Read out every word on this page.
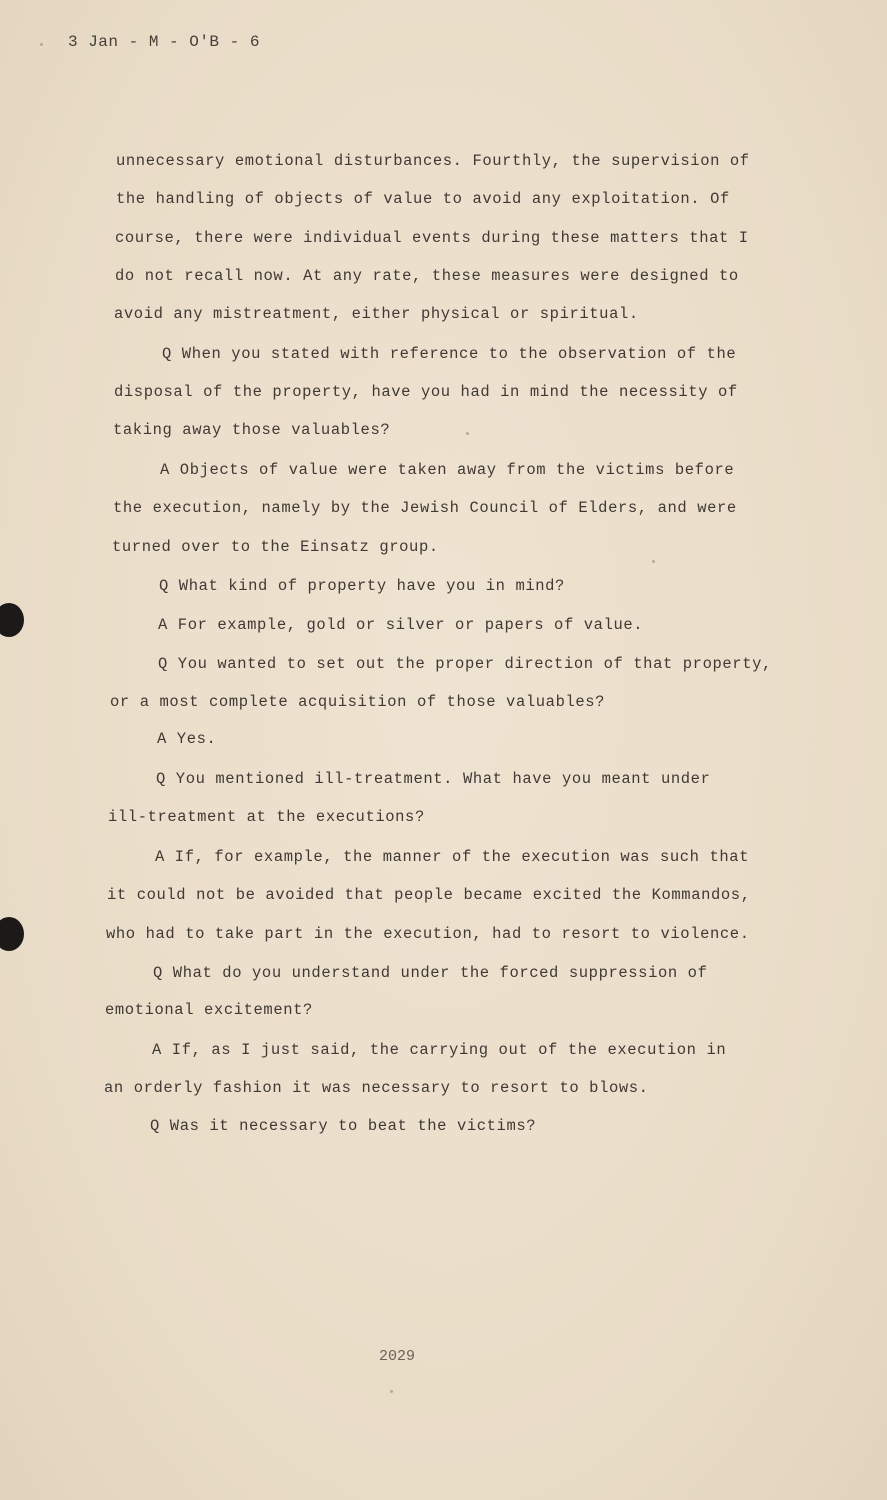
3 Jan - M - O'B - 6
unnecessary emotional disturbances. Fourthly, the supervision of
the handling of objects of value to avoid any exploitation. Of
course, there were individual events during these matters that I
do not recall now. At any rate, these measures were designed to
avoid any mistreatment, either physical or spiritual.
Q When you stated with reference to the observation of the
disposal of the property, have you had in mind the necessity of
taking away those valuables?
A Objects of value were taken away from the victims before
the execution, namely by the Jewish Council of Elders, and were
turned over to the Einsatz group.
Q What kind of property have you in mind?
A For example, gold or silver or papers of value.
Q You wanted to set out the proper direction of that property,
or a most complete acquisition of those valuables?
A Yes.
Q You mentioned ill-treatment. What have you meant under
ill-treatment at the executions?
A If, for example, the manner of the execution was such that
it could not be avoided that people became excited the Kommandos,
who had to take part in the execution, had to resort to violence.
Q What do you understand under the forced suppression of
emotional excitement?
A If, as I just said, the carrying out of the execution in
an orderly fashion it was necessary to resort to blows.
Q Was it necessary to beat the victims?
2029
